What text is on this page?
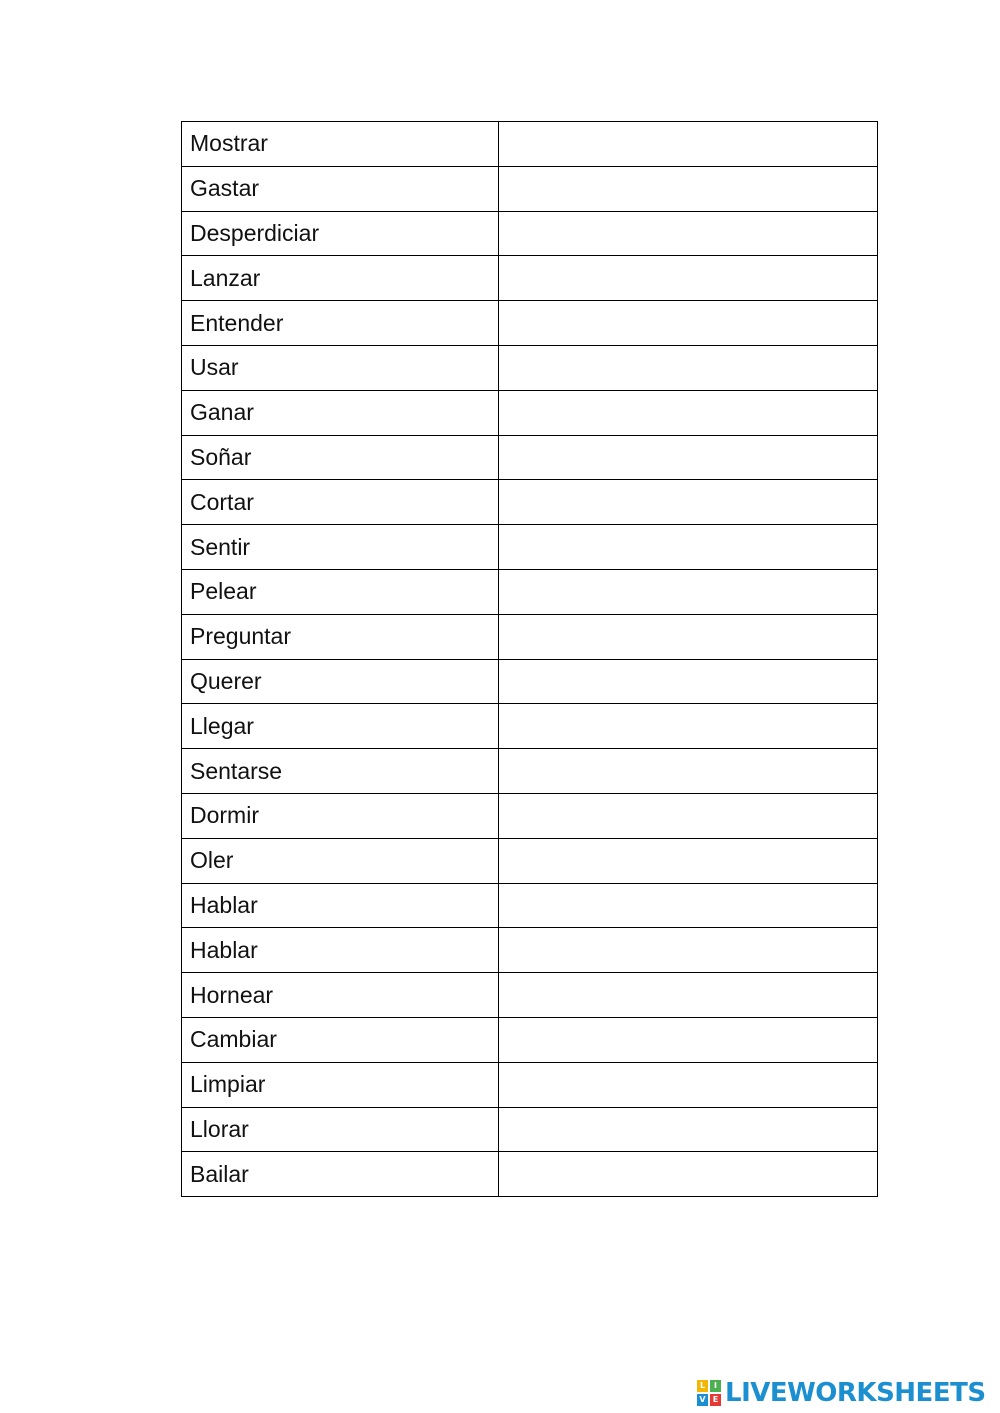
Mostrar	
Gastar	
Desperdiciar	
Lanzar	
Entender	
Usar	
Ganar	
Soñar	
Cortar	
Sentir	
Pelear	
Preguntar	
Querer	
Llegar	
Sentarse	
Dormir	
Oler	
Hablar	
Hablar	
Hornear	
Cambiar	
Limpiar	
Llorar	
Bailar	
L	I
V E LIVEWORKSHEETS
